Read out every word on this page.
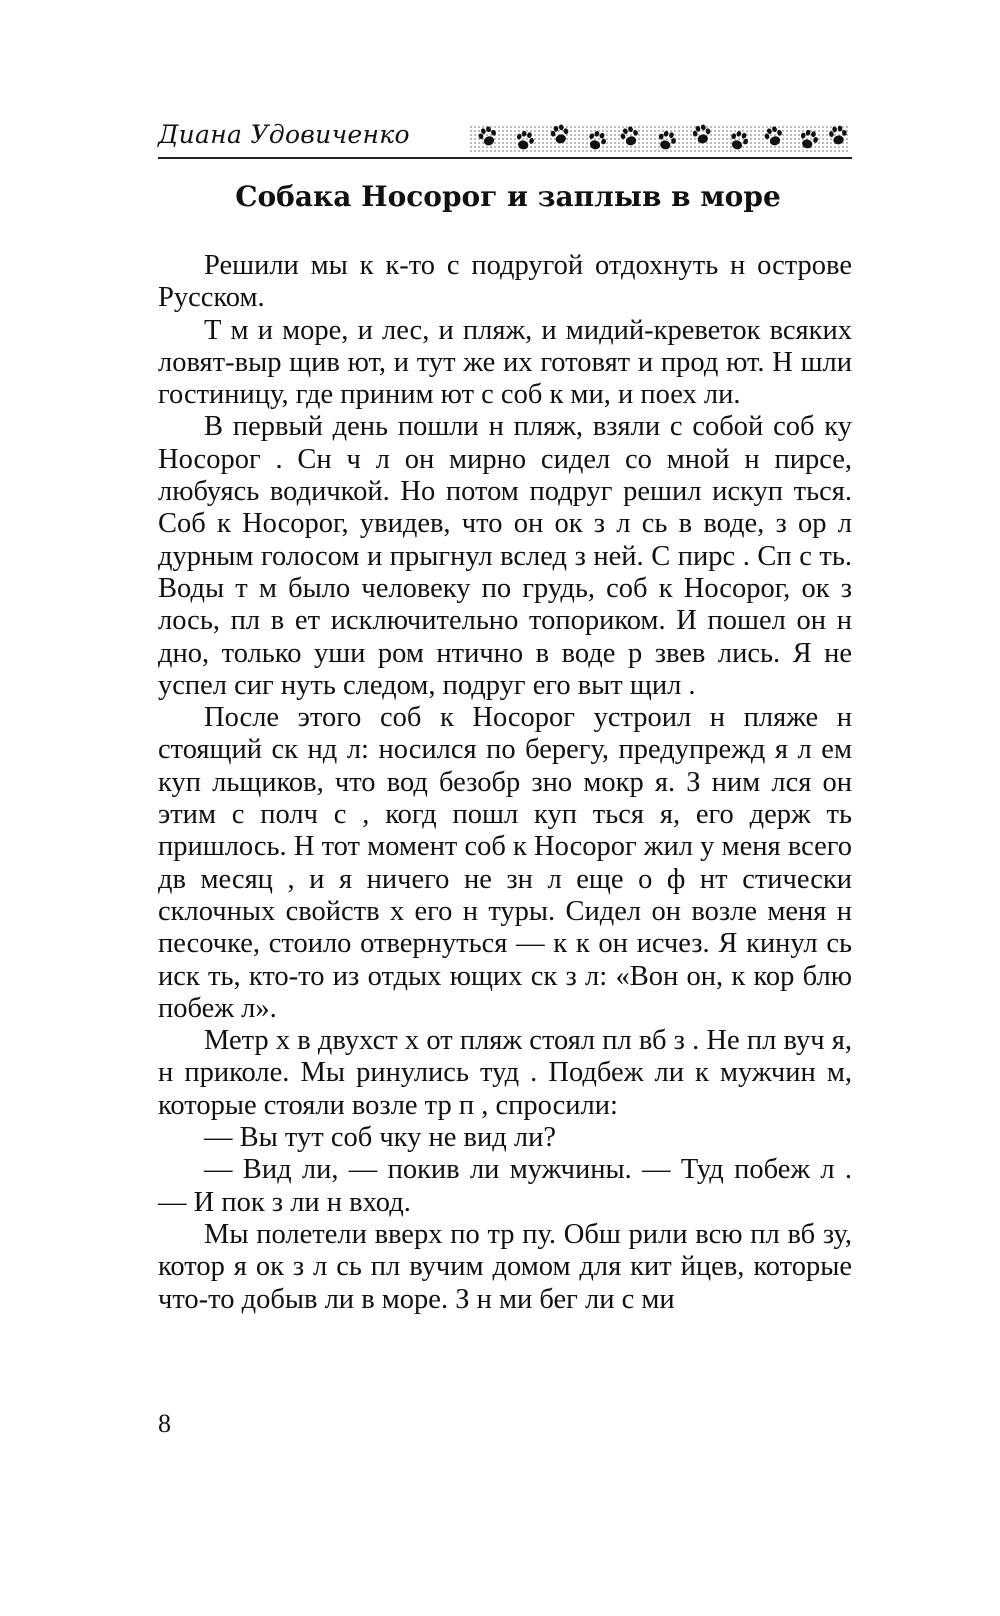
Диана Удовиченко
Собака Носорог и заплыв в море

Решили мы к к-то с подругой отдохнуть н острове Русском.

Т м и море, и лес, и пляж, и мидий-креветок всяких ловят-выр щив ют, и тут же их готовят и прод ют. Н шли гостиницу, где приним ют с соб к ми, и поех ли.

В первый день пошли н пляж, взяли с собой соб ку Носорог . Сн ч л он мирно сидел со мной н пирсе, любуясь водичкой. Но потом подруг решил искуп ться. Соб к Носорог, увидев, что он ок з л сь в воде, з ор л дурным голосом и прыгнул вслед з ней. С пирс . Сп с ть. Воды т м было человеку по грудь, соб к Носорог, ок з лось, пл в ет исключительно топориком. И пошел он н дно, только уши ром нтично в воде р звев лись. Я не успел сиг нуть следом, подруг его выт щил .

После этого соб к Носорог устроил н пляже н стоящий ск нд л: носился по берегу, предупрежд я л ем куп льщиков, что вод безобр зно мокр я. З ним лся он этим с полч с , когд пошл куп ться я, его держ ть пришлось. Н тот момент соб к Носорог жил у меня всего дв месяц , и я ничего не зн л еще о ф нт стически склочных свойств х его н туры. Сидел он возле меня н песочке, стоило отвернуться — к к он исчез. Я кинул сь иск ть, кто-то из отдых ющих ск з л: «Вон он, к кор блю побеж л».

Метр х в двухст х от пляж стоял пл вб з . Не пл вуч я, н приколе. Мы ринулись туд . Подбеж ли к мужчин м, которые стояли возле тр п , спросили:

— Вы тут соб чку не вид ли?

— Вид ли, — покив ли мужчины. — Туд побеж л . — И пок з ли н вход.

Мы полетели вверх по тр пу. Обш рили всю пл вб зу, котор я ок з л сь пл вучим домом для кит йцев, которые что-то добыв ли в море. З н ми бег ли с ми

8
